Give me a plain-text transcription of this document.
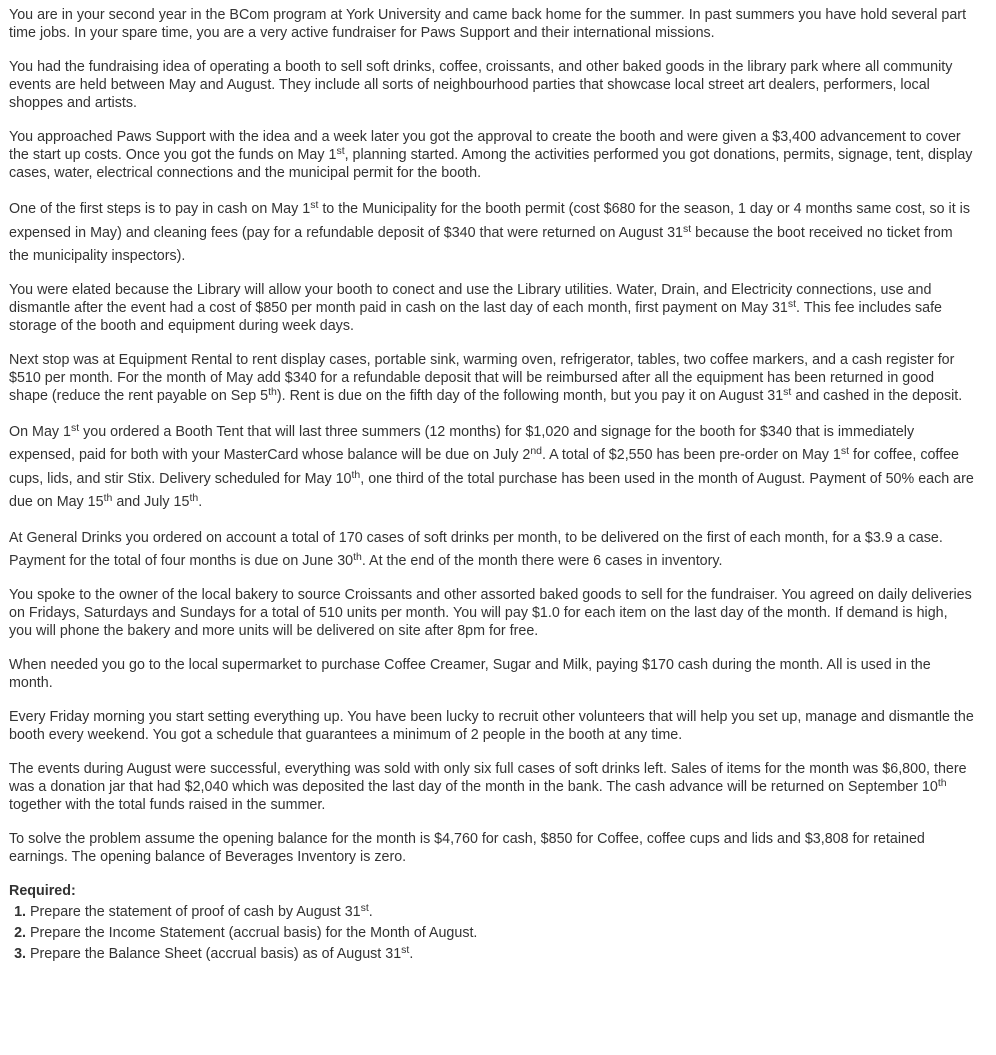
You are in your second year in the BCom program at York University and came back home for the summer. In past summers you have hold several part time jobs. In your spare time, you are a very active fundraiser for Paws Support and their international missions.

You had the fundraising idea of operating a booth to sell soft drinks, coffee, croissants, and other baked goods in the library park where all community events are held between May and August. They include all sorts of neighbourhood parties that showcase local street art dealers, performers, local shoppes and artists.

You approached Paws Support with the idea and a week later you got the approval to create the booth and were given a $3,400 advancement to cover the start up costs. Once you got the funds on May 1st, planning started. Among the activities performed you got donations, permits, signage, tent, display cases, water, electrical connections and the municipal permit for the booth.

One of the first steps is to pay in cash on May 1st to the Municipality for the booth permit (cost $680 for the season, 1 day or 4 months same cost, so it is expensed in May) and cleaning fees (pay for a refundable deposit of $340 that were returned on August 31st because the boot received no ticket from the municipality inspectors).

You were elated because the Library will allow your booth to conect and use the Library utilities. Water, Drain, and Electricity connections, use and dismantle after the event had a cost of $850 per month paid in cash on the last day of each month, first payment on May 31st. This fee includes safe storage of the booth and equipment during week days.

Next stop was at Equipment Rental to rent display cases, portable sink, warming oven, refrigerator, tables, two coffee markers, and a cash register for $510 per month. For the month of May add $340 for a refundable deposit that will be reimbursed after all the equipment has been returned in good shape (reduce the rent payable on Sep 5th). Rent is due on the fifth day of the following month, but you pay it on August 31st and cashed in the deposit.

On May 1st you ordered a Booth Tent that will last three summers (12 months) for $1,020 and signage for the booth for $340 that is immediately expensed, paid for both with your MasterCard whose balance will be due on July 2nd. A total of $2,550 has been pre-order on May 1st for coffee, coffee cups, lids, and stir Stix. Delivery scheduled for May 10th, one third of the total purchase has been used in the month of August. Payment of 50% each are due on May 15th and July 15th.

At General Drinks you ordered on account a total of 170 cases of soft drinks per month, to be delivered on the first of each month, for a $3.9 a case. Payment for the total of four months is due on June 30th. At the end of the month there were 6 cases in inventory.

You spoke to the owner of the local bakery to source Croissants and other assorted baked goods to sell for the fundraiser. You agreed on daily deliveries on Fridays, Saturdays and Sundays for a total of 510 units per month. You will pay $1.0 for each item on the last day of the month. If demand is high, you will phone the bakery and more units will be delivered on site after 8pm for free.

When needed you go to the local supermarket to purchase Coffee Creamer, Sugar and Milk, paying $170 cash during the month. All is used in the month.

Every Friday morning you start setting everything up. You have been lucky to recruit other volunteers that will help you set up, manage and dismantle the booth every weekend. You got a schedule that guarantees a minimum of 2 people in the booth at any time.

The events during August were successful, everything was sold with only six full cases of soft drinks left. Sales of items for the month was $6,800, there was a donation jar that had $2,040 which was deposited the last day of the month in the bank. The cash advance will be returned on September 10th together with the total funds raised in the summer.

To solve the problem assume the opening balance for the month is $4,760 for cash, $850 for Coffee, coffee cups and lids and $3,808 for retained earnings. The opening balance of Beverages Inventory is zero.

Required:
1. Prepare the statement of proof of cash by August 31st.
2. Prepare the Income Statement (accrual basis) for the Month of August.
3. Prepare the Balance Sheet (accrual basis) as of August 31st.
